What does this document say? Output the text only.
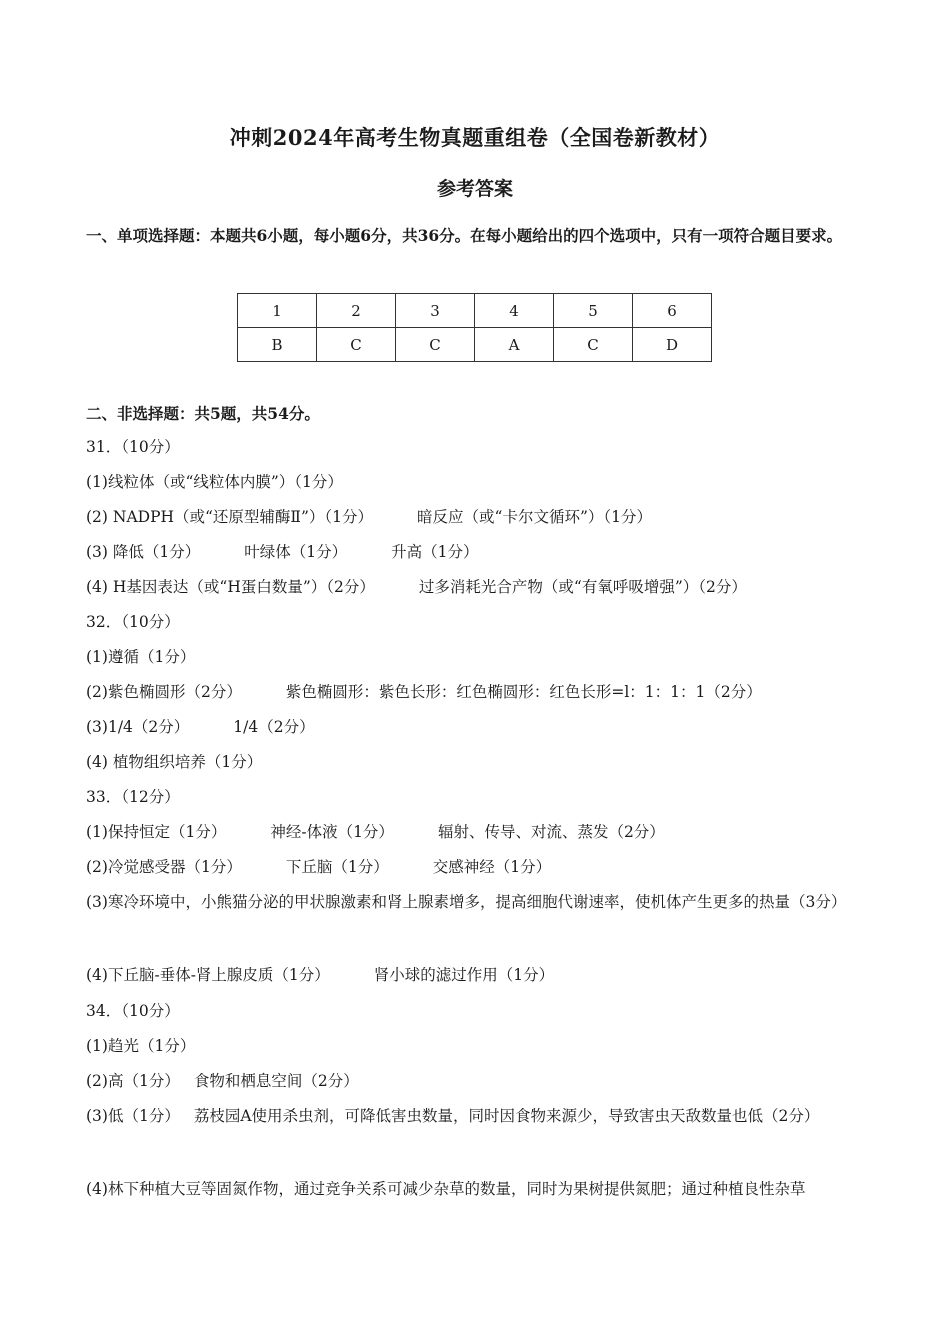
冲刺2024年高考生物真题重组卷（全国卷新教材）
参考答案
一、单项选择题：本题共6小题，每小题6分，共36分。在每小题给出的四个选项中，只有一项符合题目要求。
1	2	3	4	5	6
B	C	C	A	C	D
二、非选择题：共5题，共54分。
31．（10分）
(1)线粒体（或“线粒体内膜”）（1分）
(2) NADPH（或“还原型辅酶Ⅱ”）（1分）	暗反应（或“卡尔文循环”）（1分）
(3) 降低（1分）	叶绿体（1分）	升高（1分）
(4) H基因表达（或“H蛋白数量”）（2分）	过多消耗光合产物（或“有氧呼吸增强”）（2分）
32．（10分）
(1)遵循（1分）
(2)紫色椭圆形（2分）	紫色椭圆形：紫色长形：红色椭圆形：红色长形=l：1：1：1（2分）
(3)1/4（2分）	1/4（2分）
(4) 植物组织培养（1分）
33．（12分）
(1)保持恒定（1分）	神经-体液（1分）	辐射、传导、对流、蒸发（2分）
(2)冷觉感受器（1分）	下丘脑（1分）	交感神经（1分）
(3)寒冷环境中，小熊猫分泌的甲状腺激素和肾上腺素增多，提高细胞代谢速率，使机体产生更多的热量（3分）
(4)下丘脑-垂体-肾上腺皮质（1分）	肾小球的滤过作用（1分）
34．（10分）
(1)趋光（1分）
(2)高（1分） 食物和栖息空间（2分）
(3)低（1分） 荔枝园A使用杀虫剂，可降低害虫数量，同时因食物来源少，导致害虫天敌数量也低（2分）
(4)林下种植大豆等固氮作物，通过竞争关系可减少杂草的数量，同时为果树提供氮肥；通过种植良性杂草
